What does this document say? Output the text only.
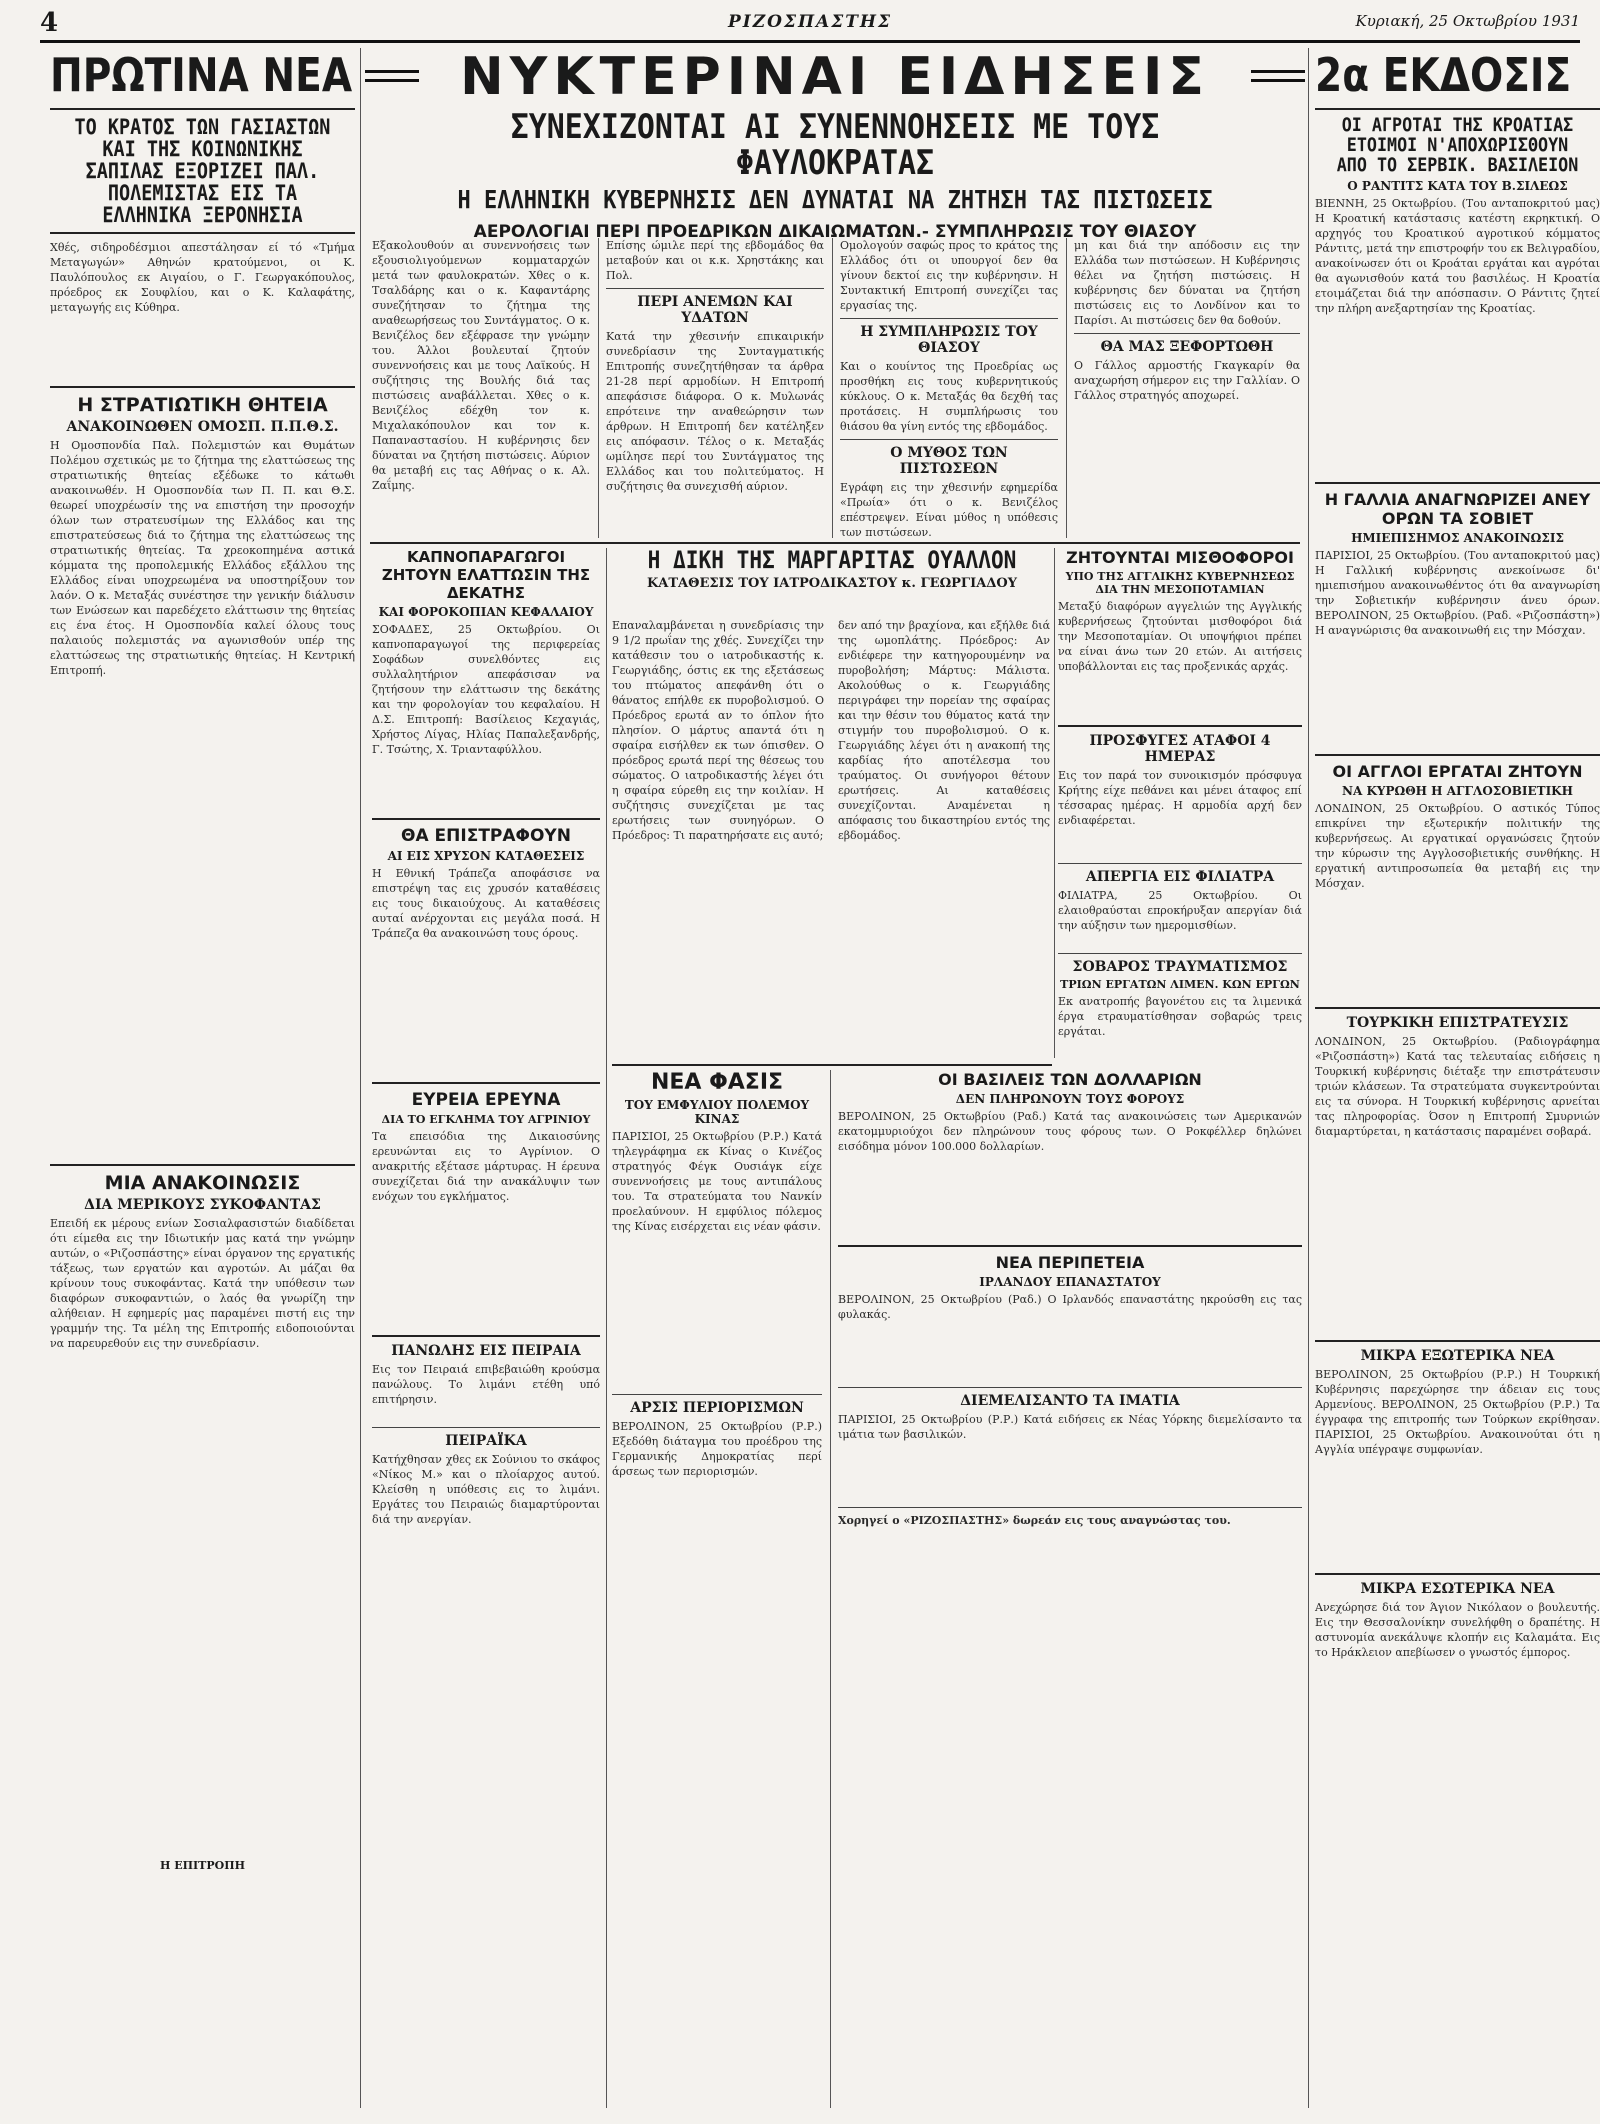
4	ΡΙΖΟΣΠΑΣΤΗΣ	Κυριακή, 25 Οκτωβρίου 1931
ΠΡΩΤΙΝΑ ΝΕΑ
ΤΟ ΚΡΑΤΟΣ ΤΩΝ ΓΑΣΙΑΣΤΩΝ ΚΑΙ ΤΗΣ ΚΟΙΝΩΝΙΚΗΣ ΣΑΠΙΛΑΣ ΕΞΟΡΙΖΕΙ ΠΑΛ. ΠΟΛΕΜΙΣΤΑΣ ΕΙΣ ΤΑ ΕΛΛΗΝΙΚΑ ΞΕΡΟΝΗΣΙΑ
Χθές, σιδηροδέσμιοι απεστάλησαν εί τό «Τμήμα Μεταγωγών» Αθηνών κρατούμενοι, οι Κ. Παυλόπουλος εκ Αιγαίου, ο Γ. Γεωργακόπουλος, πρόεδρος εκ Σουφλίου, και ο Κ. Καλαφάτης, μεταγωγής εις Κύθηρα.
Η ΣΤΡΑΤΙΩΤΙΚΗ ΘΗΤΕΙΑ
ΑΝΑΚΟΙΝΩΘΕΝ ΟΜΟΣΠ. Π.Π.Θ.Σ.
Η Ομοσπονδία Παλ. Πολεμιστών και Θυμάτων Πολέμου σχετικώς με το ζήτημα της ελαττώσεως της στρατιωτικής θητείας εξέδωκε το κάτωθι ανακοινωθέν. Η Ομοσπονδία των Π. Π. και Θ.Σ. θεωρεί υποχρέωσίν της να επιστήση την προσοχήν όλων των στρατευσίμων της Ελλάδος και της επιστρατεύσεως διά το ζήτημα της ελαττώσεως της στρατιωτικής θητείας. Τα χρεοκοπημένα αστικά κόμματα της προπολεμικής Ελλάδος εξάλλου της Ελλάδος είναι υποχρεωμένα να υποστηρίξουν τον λαόν. Ο κ. Μεταξάς συνέστησε την γενικήν διάλυσιν των Ενώσεων και παρεδέχετο ελάττωσιν της θητείας εις ένα έτος. Η Ομοσπονδία καλεί όλους τους παλαιούς πολεμιστάς να αγωνισθούν υπέρ της ελαττώσεως της στρατιωτικής θητείας. Η Κεντρική Επιτροπή.
ΜΙΑ ΑΝΑΚΟΙΝΩΣΙΣ
ΔΙΑ ΜΕΡΙΚΟΥΣ ΣΥΚΟΦΑΝΤΑΣ
Επειδή εκ μέρους ενίων Σοσιαλφασιστών διαδίδεται ότι είμεθα εις την Ιδιωτικήν μας κατά την γνώμην αυτών, ο «Ριζοσπάστης» είναι όργανον της εργατικής τάξεως, των εργατών και αγροτών. Αι μάζαι θα κρίνουν τους συκοφάντας. Κατά την υπόθεσιν των διαφόρων συκοφαντιών, ο λαός θα γνωρίζη την αλήθειαν. Η εφημερίς μας παραμένει πιστή εις την γραμμήν της. Τα μέλη της Επιτροπής ειδοποιούνται να παρευρεθούν εις την συνεδρίασιν.
Η ΕΠΙΤΡΟΠΗ
ΝΥΚΤΕΡΙΝΑΙ ΕΙΔΗΣΕΙΣ
ΣΥΝΕΧΙΖΟΝΤΑΙ ΑΙ ΣΥΝΕΝΝΟΗΣΕΙΣ ΜΕ ΤΟΥΣ ΦΑΥΛΟΚΡΑΤΑΣ
Η ΕΛΛΗΝΙΚΗ ΚΥΒΕΡΝΗΣΙΣ ΔΕΝ ΔΥΝΑΤΑΙ ΝΑ ΖΗΤΗΣΗ ΤΑΣ ΠΙΣΤΩΣΕΙΣ
ΑΕΡΟΛΟΓΙΑΙ ΠΕΡΙ ΠΡΟΕΔΡΙΚΩΝ ΔΙΚΑΙΩΜΑΤΩΝ.- ΣΥΜΠΛΗΡΩΣΙΣ ΤΟΥ ΘΙΑΣΟΥ
Εξακολουθούν αι συνεννοήσεις των εξουσιολιγούμενων κομματαρχών μετά των φαυλοκρατών. Χθες ο κ. Τσαλδάρης και ο κ. Καφαντάρης συνεζήτησαν το ζήτημα της αναθεωρήσεως του Συντάγματος. Ο κ. Βενιζέλος δεν εξέφρασε την γνώμην του. Άλλοι βουλευταί ζητούν συνεννοήσεις και με τους Λαϊκούς. Η συζήτησις της Βουλής διά τας πιστώσεις αναβάλλεται. Χθες ο κ. Βενιζέλος εδέχθη τον κ. Μιχαλακόπουλον και τον κ. Παπαναστασίου. Η κυβέρνησις δεν δύναται να ζητήση πιστώσεις. Αύριον θα μεταβή εις τας Αθήνας ο κ. Αλ. Ζαΐμης.
Επίσης ώμιλε περί της εβδομάδος θα μεταβούν και οι κ.κ. Χρηστάκης και Πολ.
ΠΕΡΙ ΑΝΕΜΩΝ ΚΑΙ ΥΔΑΤΩΝ
Κατά την χθεσινήν επικαιρικήν συνεδρίασιν της Συνταγματικής Επιτροπής συνεζητήθησαν τα άρθρα 21-28 περί αρμοδίων. Η Επιτροπή απεφάσισε διάφορα. Ο κ. Μυλωνάς επρότεινε την αναθεώρησιν των άρθρων. Η Επιτροπή δεν κατέληξεν εις απόφασιν. Τέλος ο κ. Μεταξάς ωμίλησε περί του Συντάγματος της Ελλάδος και του πολιτεύματος. Η συζήτησις θα συνεχισθή αύριον.
Ομολογούν σαφώς προς το κράτος της Ελλάδος ότι οι υπουργοί δεν θα γίνουν δεκτοί εις την κυβέρνησιν. Η Συντακτική Επιτροπή συνεχίζει τας εργασίας της.
Η ΣΥΜΠΛΗΡΩΣΙΣ ΤΟΥ ΘΙΑΣΟΥ
Και ο κουίντος της Προεδρίας ως προσθήκη εις τους κυβερνητικούς κύκλους. Ο κ. Μεταξάς θα δεχθή τας προτάσεις. Η συμπλήρωσις του θιάσου θα γίνη εντός της εβδομάδος.
Ο ΜΥΘΟΣ ΤΩΝ ΠΙΣΤΩΣΕΩΝ
Εγράφη εις την χθεσινήν εφημερίδα «Πρωία» ότι ο κ. Βενιζέλος επέστρεψεν. Είναι μύθος η υπόθεσις των πιστώσεων.
μη και διά την απόδοσιν εις την Ελλάδα των πιστώσεων. Η Κυβέρνησις θέλει να ζητήση πιστώσεις. Η κυβέρνησις δεν δύναται να ζητήση πιστώσεις εις το Λονδίνον και το Παρίσι. Αι πιστώσεις δεν θα δοθούν.
ΘΑ ΜΑΣ ΞΕΦΟΡΤΩΘΗ
Ο Γάλλος αρμοστής Γκαγκαρίν θα αναχωρήση σήμερον εις την Γαλλίαν. Ο Γάλλος στρατηγός αποχωρεί.
ΚΑΠΝΟΠΑΡΑΓΩΓΟΙ ΖΗΤΟΥΝ ΕΛΑΤΤΩΣΙΝ ΤΗΣ ΔΕΚΑΤΗΣ
ΚΑΙ ΦΟΡΟΚΟΠΙΑΝ ΚΕΦΑΛΑΙΟΥ
ΣΟΦΑΔΕΣ, 25 Οκτωβρίου. Οι καπνοπαραγωγοί της περιφερείας Σοφάδων συνελθόντες εις συλλαλητήριον απεφάσισαν να ζητήσουν την ελάττωσιν της δεκάτης και την φορολογίαν του κεφαλαίου. Η Δ.Σ. Επιτροπή: Βασίλειος Κεχαγιάς, Χρήστος Λίγας, Ηλίας Παπαλεξανδρής, Γ. Τσώτης, Χ. Τριανταφύλλου.
ΘΑ ΕΠΙΣΤΡΑΦΟΥΝ
ΑΙ ΕΙΣ ΧΡΥΣΟΝ ΚΑΤΑΘΕΣΕΙΣ
Η Εθνική Τράπεζα αποφάσισε να επιστρέψη τας εις χρυσόν καταθέσεις εις τους δικαιούχους. Αι καταθέσεις αυταί ανέρχονται εις μεγάλα ποσά. Η Τράπεζα θα ανακοινώση τους όρους.
ΕΥΡΕΙΑ ΕΡΕΥΝΑ
ΔΙΑ ΤΟ ΕΓΚΛΗΜΑ ΤΟΥ ΑΓΡΙΝΙΟΥ
Τα επεισόδια της Δικαιοσύνης ερευνώνται εις το Αγρίνιον. Ο ανακριτής εξέτασε μάρτυρας. Η έρευνα συνεχίζεται διά την ανακάλυψιν των ενόχων του εγκλήματος.
ΠΑΝΩΛΗΣ ΕΙΣ ΠΕΙΡΑΙΑ
Εις τον Πειραιά επιβεβαιώθη κρούσμα πανώλους. Το λιμάνι ετέθη υπό επιτήρησιν.
ΠΕΙΡΑΪΚΑ
Κατήχθησαν χθες εκ Σούνιου το σκάφος «Νίκος Μ.» και ο πλοίαρχος αυτού. Κλείσθη η υπόθεσις εις το λιμάνι. Εργάτες του Πειραιώς διαμαρτύρονται διά την ανεργίαν.
Η ΔΙΚΗ ΤΗΣ ΜΑΡΓΑΡΙΤΑΣ ΟΥΑΛΛΟΝ
ΚΑΤΑΘΕΣΙΣ ΤΟΥ ΙΑΤΡΟΔΙΚΑΣΤΟΥ κ. ΓΕΩΡΓΙΑΔΟΥ
Επαναλαμβάνεται η συνεδρίασις την 9 1/2 πρωΐαν της χθές. Συνεχίζει την κατάθεσιν του ο ιατροδικαστής κ. Γεωργιάδης, όστις εκ της εξετάσεως του πτώματος απεφάνθη ότι ο θάνατος επήλθε εκ πυροβολισμού. Ο Πρόεδρος ερωτά αν το όπλον ήτο πλησίον. Ο μάρτυς απαντά ότι η σφαίρα εισήλθεν εκ των όπισθεν. Ο πρόεδρος ερωτά περί της θέσεως του σώματος. Ο ιατροδικαστής λέγει ότι η σφαίρα εύρεθη εις την κοιλίαν. Η συζήτησις συνεχίζεται με τας ερωτήσεις των συνηγόρων. Ο Πρόεδρος: Τι παρατηρήσατε εις αυτό;
δεν από την βραχίονα, και εξήλθε διά της ωμοπλάτης. Πρόεδρος: Αν ενδιέφερε την κατηγορουμένην να πυροβολήση; Μάρτυς: Μάλιστα. Ακολούθως ο κ. Γεωργιάδης περιγράφει την πορείαν της σφαίρας και την θέσιν του θύματος κατά την στιγμήν του πυροβολισμού. Ο κ. Γεωργιάδης λέγει ότι η ανακοπή της καρδίας ήτο αποτέλεσμα του τραύματος. Οι συνήγοροι θέτουν ερωτήσεις. Αι καταθέσεις συνεχίζονται. Αναμένεται η απόφασις του δικαστηρίου εντός της εβδομάδος.
ΝΕΑ ΦΑΣΙΣ
ΤΟΥ ΕΜΦΥΛΙΟΥ ΠΟΛΕΜΟΥ ΚΙΝΑΣ
ΠΑΡΙΣΙΟΙ, 25 Οκτωβρίου (Ρ.Ρ.) Κατά τηλεγράφημα εκ Κίνας ο Κινέζος στρατηγός Φέγκ Ουσιάγκ είχε συνεννοήσεις με τους αντιπάλους του. Τα στρατεύματα του Νανκίν προελαύνουν. Η εμφύλιος πόλεμος της Κίνας εισέρχεται εις νέαν φάσιν.
ΑΡΣΙΣ ΠΕΡΙΟΡΙΣΜΩΝ
ΒΕΡΟΛΙΝΟΝ, 25 Οκτωβρίου (Ρ.Ρ.) Εξεδόθη διάταγμα του προέδρου της Γερμανικής Δημοκρατίας περί άρσεως των περιορισμών.
ΖΗΤΟΥΝΤΑΙ ΜΙΣΘΟΦΟΡΟΙ
ΥΠΟ ΤΗΣ ΑΓΓΛΙΚΗΣ ΚΥΒΕΡΝΗΣΕΩΣ ΔΙΑ ΤΗΝ ΜΕΣΟΠΟΤΑΜΙΑΝ
Μεταξύ διαφόρων αγγελιών της Αγγλικής κυβερνήσεως ζητούνται μισθοφόροι διά την Μεσοποταμίαν. Οι υποψήφιοι πρέπει να είναι άνω των 20 ετών. Αι αιτήσεις υποβάλλονται εις τας προξενικάς αρχάς.
ΠΡΟΣΦΥΓΕΣ ΑΤΑΦΟΙ 4 ΗΜΕΡΑΣ
Εις τον παρά τον συνοικισμόν πρόσφυγα Κρήτης είχε πεθάνει και μένει άταφος επί τέσσαρας ημέρας. Η αρμοδία αρχή δεν ενδιαφέρεται.
ΑΠΕΡΓΙΑ ΕΙΣ ΦΙΛΙΑΤΡΑ
ΦΙΛΙΑΤΡΑ, 25 Οκτωβρίου. Οι ελαιοθραύσται επροκήρυξαν απεργίαν διά την αύξησιν των ημερομισθίων.
ΣΟΒΑΡΟΣ ΤΡΑΥΜΑΤΙΣΜΟΣ
ΤΡΙΩΝ ΕΡΓΑΤΩΝ ΛΙΜΕΝ. ΚΩΝ ΕΡΓΩΝ
Εκ ανατροπής βαγονέτου εις τα λιμενικά έργα ετραυματίσθησαν σοβαρώς τρεις εργάται.
ΟΙ ΒΑΣΙΛΕΙΣ ΤΩΝ ΔΟΛΛΑΡΙΩΝ
ΔΕΝ ΠΛΗΡΩΝΟΥΝ ΤΟΥΣ ΦΟΡΟΥΣ
ΒΕΡΟΛΙΝΟΝ, 25 Οκτωβρίου (Ραδ.) Κατά τας ανακοινώσεις των Αμερικανών εκατομμυριούχοι δεν πληρώνουν τους φόρους των. Ο Ροκφέλλερ δηλώνει εισόδημα μόνον 100.000 δολλαρίων.
ΝΕΑ ΠΕΡΙΠΕΤΕΙΑ
ΙΡΛΑΝΔΟΥ ΕΠΑΝΑΣΤΑΤΟΥ
ΒΕΡΟΛΙΝΟΝ, 25 Οκτωβρίου (Ραδ.) Ο Ιρλανδός επαναστάτης ηκρούσθη εις τας φυλακάς.
ΔΙΕΜΕΛΙΣΑΝΤΟ ΤΑ ΙΜΑΤΙΑ
ΠΑΡΙΣΙΟΙ, 25 Οκτωβρίου (Ρ.Ρ.) Κατά ειδήσεις εκ Νέας Υόρκης διεμελίσαντο τα ιμάτια των βασιλικών.
Χορηγεί ο «ΡΙΖΟΣΠΑΣΤΗΣ» δωρεάν εις τους αναγνώστας του.
2α ΕΚΔΟΣΙΣ
ΟΙ ΑΓΡΟΤΑΙ ΤΗΣ ΚΡΟΑΤΙΑΣ ΕΤΟΙΜΟΙ Ν'ΑΠΟΧΩΡΙΣΘΟΥΝ ΑΠΟ ΤΟ ΣΕΡΒΙΚ. ΒΑΣΙΛΕΙΟΝ
Ο ΡΑΝΤΙΤΣ ΚΑΤΑ ΤΟΥ Β.ΣΙΛΕΩΣ
ΒΙΕΝΝΗ, 25 Οκτωβρίου. (Του ανταποκριτού μας) Η Κροατική κατάστασις κατέστη εκρηκτική. Ο αρχηγός του Κροατικού αγροτικού κόμματος Ράντιτς, μετά την επιστροφήν του εκ Βελιγραδίου, ανακοίνωσεν ότι οι Κροάται εργάται και αγρόται θα αγωνισθούν κατά του βασιλέως. Η Κροατία ετοιμάζεται διά την απόσπασιν. Ο Ράντιτς ζητεί την πλήρη ανεξαρτησίαν της Κροατίας.
Η ΓΑΛΛΙΑ ΑΝΑΓΝΩΡΙΖΕΙ ΑΝΕΥ ΟΡΩΝ ΤΑ ΣΟΒΙΕΤ
ΗΜΙΕΠΙΣΗΜΟΣ ΑΝΑΚΟΙΝΩΣΙΣ
ΠΑΡΙΣΙΟΙ, 25 Οκτωβρίου. (Του ανταποκριτού μας) Η Γαλλική κυβέρνησις ανεκοίνωσε δι' ημιεπισήμου ανακοινωθέντος ότι θα αναγνωρίση την Σοβιετικήν κυβέρνησιν άνευ όρων. ΒΕΡΟΛΙΝΟΝ, 25 Οκτωβρίου. (Ραδ. «Ριζοσπάστη») Η αναγνώρισις θα ανακοινωθή εις την Μόσχαν.
ΟΙ ΑΓΓΛΟΙ ΕΡΓΑΤΑΙ ΖΗΤΟΥΝ
ΝΑ ΚΥΡΩΘΗ Η ΑΓΓΛΟΣΟΒΙΕΤΙΚΗ
ΛΟΝΔΙΝΟΝ, 25 Οκτωβρίου. Ο αστικός Τύπος επικρίνει την εξωτερικήν πολιτικήν της κυβερνήσεως. Αι εργατικαί οργανώσεις ζητούν την κύρωσιν της Αγγλοσοβιετικής συνθήκης. Η εργατική αντιπροσωπεία θα μεταβή εις την Μόσχαν.
ΤΟΥΡΚΙΚΗ ΕΠΙΣΤΡΑΤΕΥΣΙΣ
ΛΟΝΔΙΝΟΝ, 25 Οκτωβρίου. (Ραδιογράφημα «Ριζοσπάστη») Κατά τας τελευταίας ειδήσεις η Τουρκική κυβέρνησις διέταξε την επιστράτευσιν τριών κλάσεων. Τα στρατεύματα συγκεντρούνται εις τα σύνορα. Η Τουρκική κυβέρνησις αρνείται τας πληροφορίας. Όσον η Επιτροπή Σμυρνιών διαμαρτύρεται, η κατάστασις παραμένει σοβαρά.
ΜΙΚΡΑ ΕΞΩΤΕΡΙΚΑ ΝΕΑ
ΒΕΡΟΛΙΝΟΝ, 25 Οκτωβρίου (Ρ.Ρ.) Η Τουρκική Κυβέρνησις παρεχώρησε την άδειαν εις τους Αρμενίους. ΒΕΡΟΛΙΝΟΝ, 25 Οκτωβρίου (Ρ.Ρ.) Τα έγγραφα της επιτροπής των Τούρκων εκρίθησαν. ΠΑΡΙΣΙΟΙ, 25 Οκτωβρίου. Ανακοινούται ότι η Αγγλία υπέγραψε συμφωνίαν.
ΜΙΚΡΑ ΕΣΩΤΕΡΙΚΑ ΝΕΑ
Ανεχώρησε διά τον Άγιον Νικόλαον ο βουλευτής. Εις την Θεσσαλονίκην συνελήφθη ο δραπέτης. Η αστυνομία ανεκάλυψε κλοπήν εις Καλαμάτα. Εις το Ηράκλειον απεβίωσεν ο γνωστός έμπορος.
